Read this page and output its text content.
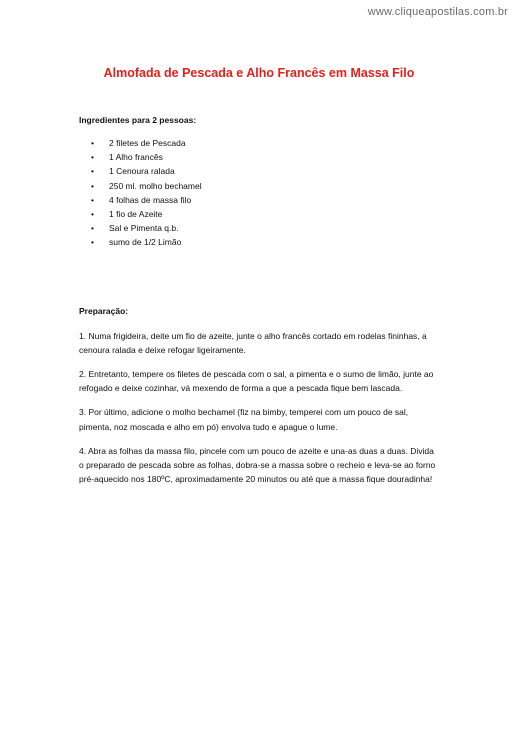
www.cliqueapostilas.com.br
Almofada de Pescada e Alho Francês em Massa Filo

Ingredientes para 2 pessoas:

• 2 filetes de Pescada
• 1 Alho francês
• 1 Cenoura ralada
• 250 ml. molho bechamel
• 4 folhas de massa filo
• 1 fio de Azeite
• Sal e Pimenta q.b.
• sumo de 1/2 Limão

Preparação:

1. Numa frigideira, deite um fio de azeite, junte o alho francês cortado em rodelas fininhas, a cenoura ralada e deixe refogar ligeiramente.

2. Entretanto, tempere os filetes de pescada com o sal, a pimenta e o sumo de limão, junte ao refogado e deixe cozinhar, vá mexendo de forma a que a pescada fique bem lascada.

3. Por último, adicione o molho bechamel (fiz na bimby, temperei com um pouco de sal, pimenta, noz moscada e alho em pó) envolva tudo e apague o lume.

4. Abra as folhas da massa filo, pincele com um pouco de azeite e una-as duas a duas. Divida o preparado de pescada sobre as folhas, dobra-se a massa sobre o recheio e leva-se ao forno pré-aquecido nos 180ºC, aproximadamente 20 minutos ou até que a massa fique douradinha!
